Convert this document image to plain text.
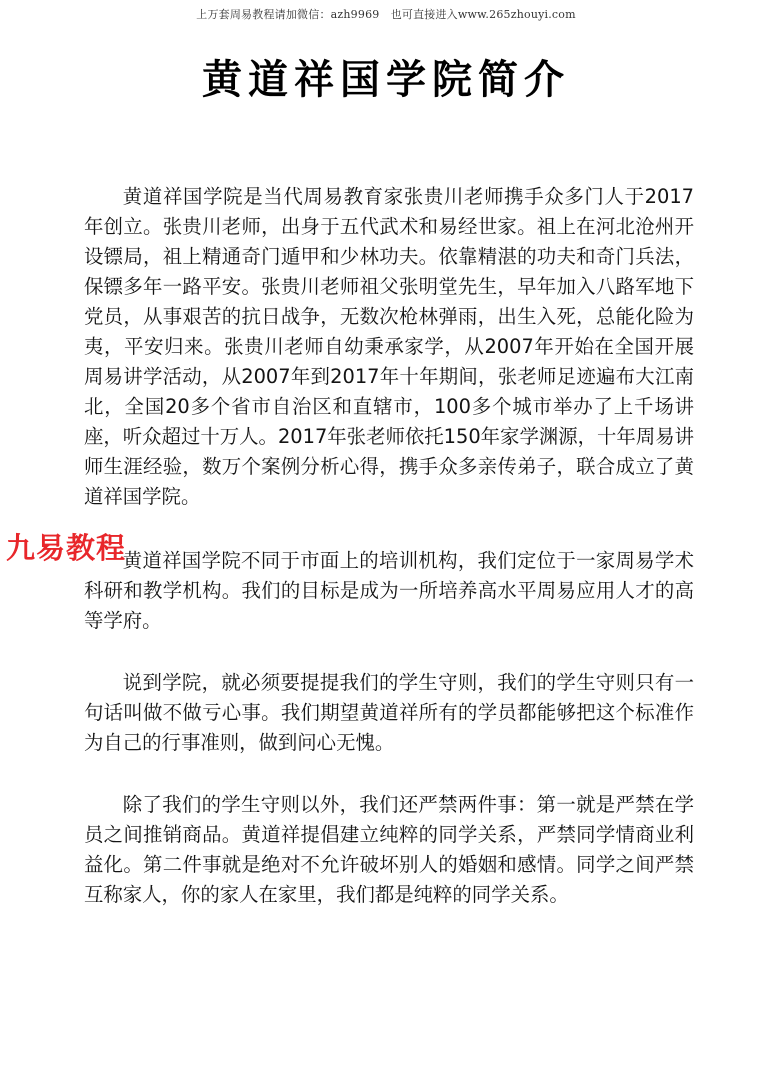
上万套周易教程请加微信：azh9969　也可直接进入www.265zhouyi.com
黄道祥国学院简介

黄道祥国学院是当代周易教育家张贵川老师携手众多门人于2017年创立。张贵川老师，出身于五代武术和易经世家。祖上在河北沧州开设镖局，祖上精通奇门遁甲和少林功夫。依靠精湛的功夫和奇门兵法，保镖多年一路平安。张贵川老师祖父张明堂先生，早年加入八路军地下党员，从事艰苦的抗日战争，无数次枪林弹雨，出生入死，总能化险为夷，平安归来。张贵川老师自幼秉承家学，从2007年开始在全国开展周易讲学活动，从2007年到2017年十年期间，张老师足迹遍布大江南北，全国20多个省市自治区和直辖市，100多个城市举办了上千场讲座，听众超过十万人。2017年张老师依托150年家学渊源，十年周易讲师生涯经验，数万个案例分析心得，携手众多亲传弟子，联合成立了黄道祥国学院。

黄道祥国学院不同于市面上的培训机构，我们定位于一家周易学术科研和教学机构。我们的目标是成为一所培养高水平周易应用人才的高等学府。

说到学院，就必须要提提我们的学生守则，我们的学生守则只有一句话叫做不做亏心事。我们期望黄道祥所有的学员都能够把这个标准作为自己的行事准则，做到问心无愧。

除了我们的学生守则以外，我们还严禁两件事：第一就是严禁在学员之间推销商品。黄道祥提倡建立纯粹的同学关系，严禁同学情商业利益化。第二件事就是绝对不允许破坏别人的婚姻和感情。同学之间严禁互称家人，你的家人在家里，我们都是纯粹的同学关系。

九易教程
